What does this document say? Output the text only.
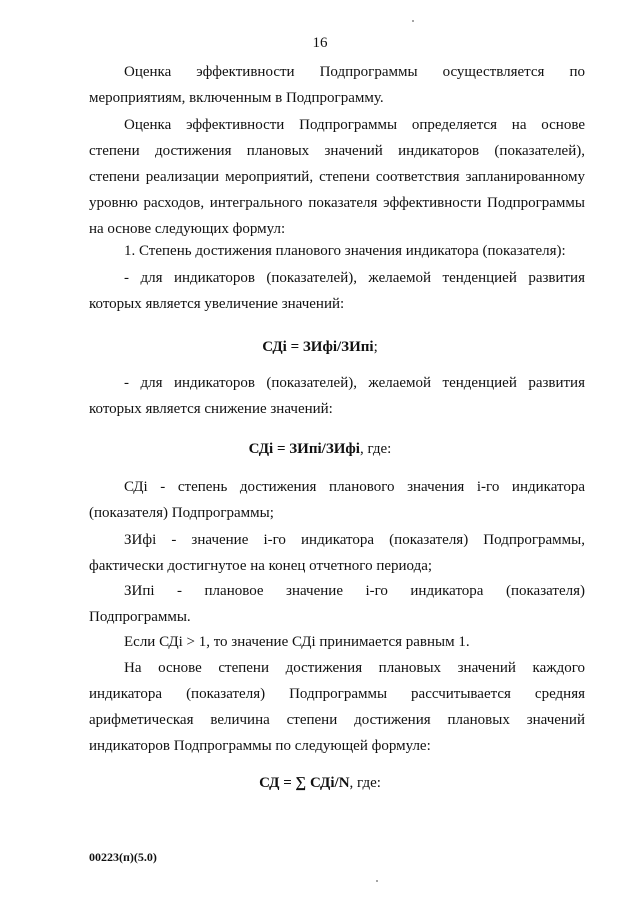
16
Оценка эффективности Подпрограммы осуществляется по
мероприятиям, включенным в Подпрограмму.
Оценка эффективности Подпрограммы определяется на основе
степени достижения плановых значений индикаторов (показателей),
степени реализации мероприятий, степени соответствия запланированному
уровню расходов, интегрального показателя эффективности Подпрограммы
на основе следующих формул:
1. Степень достижения планового значения индикатора (показателя):
- для индикаторов (показателей), желаемой тенденцией развития
которых является увеличение значений:
СДi = ЗИфi/ЗИпi;
- для индикаторов (показателей), желаемой тенденцией развития
которых является снижение значений:
СДi = ЗИпi/ЗИфi, где:
СДi - степень достижения планового значения i-го индикатора
(показателя) Подпрограммы;
ЗИфi - значение i-го индикатора (показателя) Подпрограммы,
фактически достигнутое на конец отчетного периода;
ЗИпi - плановое значение i-го индикатора (показателя)
Подпрограммы.
Если СДi > 1, то значение СДi принимается равным 1.
На основе степени достижения плановых значений каждого
индикатора (показателя) Подпрограммы рассчитывается средняя
арифметическая величина степени достижения плановых значений
индикаторов Подпрограммы по следующей формуле:
СД = ∑ СДi/N, где:
00223(п)(5.0)
